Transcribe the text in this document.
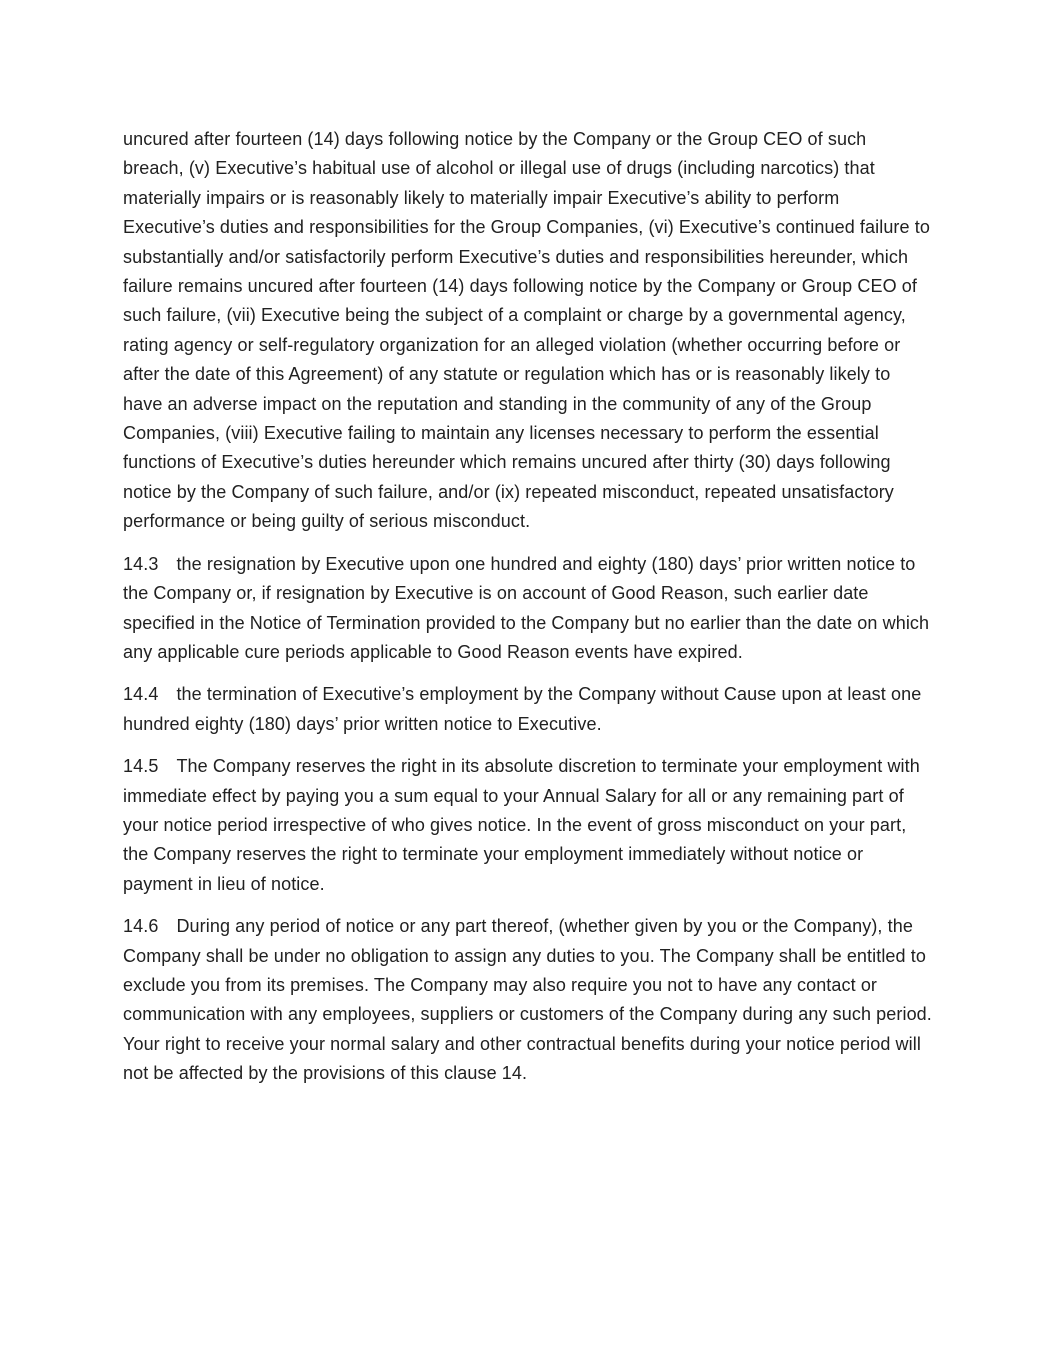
uncured after fourteen (14) days following notice by the Company or the Group CEO of such breach, (v) Executive’s habitual use of alcohol or illegal use of drugs (including narcotics) that materially impairs or is reasonably likely to materially impair Executive’s ability to perform Executive’s duties and responsibilities for the Group Companies, (vi) Executive’s continued failure to substantially and/or satisfactorily perform Executive’s duties and responsibilities hereunder, which failure remains uncured after fourteen (14) days following notice by the Company or Group CEO of such failure, (vii) Executive being the subject of a complaint or charge by a governmental agency, rating agency or self-regulatory organization for an alleged violation (whether occurring before or after the date of this Agreement) of any statute or regulation which has or is reasonably likely to have an adverse impact on the reputation and standing in the community of any of the Group Companies, (viii) Executive failing to maintain any licenses necessary to perform the essential functions of Executive’s duties hereunder which remains uncured after thirty (30) days following notice by the Company of such failure, and/or (ix) repeated misconduct, repeated unsatisfactory performance or being guilty of serious misconduct.

14.3 the resignation by Executive upon one hundred and eighty (180) days’ prior written notice to the Company or, if resignation by Executive is on account of Good Reason, such earlier date specified in the Notice of Termination provided to the Company but no earlier than the date on which any applicable cure periods applicable to Good Reason events have expired.

14.4 the termination of Executive’s employment by the Company without Cause upon at least one hundred eighty (180) days’ prior written notice to Executive.

14.5 The Company reserves the right in its absolute discretion to terminate your employment with immediate effect by paying you a sum equal to your Annual Salary for all or any remaining part of your notice period irrespective of who gives notice. In the event of gross misconduct on your part, the Company reserves the right to terminate your employment immediately without notice or payment in lieu of notice.

14.6 During any period of notice or any part thereof, (whether given by you or the Company), the Company shall be under no obligation to assign any duties to you. The Company shall be entitled to exclude you from its premises. The Company may also require you not to have any contact or communication with any employees, suppliers or customers of the Company during any such period. Your right to receive your normal salary and other contractual benefits during your notice period will not be affected by the provisions of this clause 14.
